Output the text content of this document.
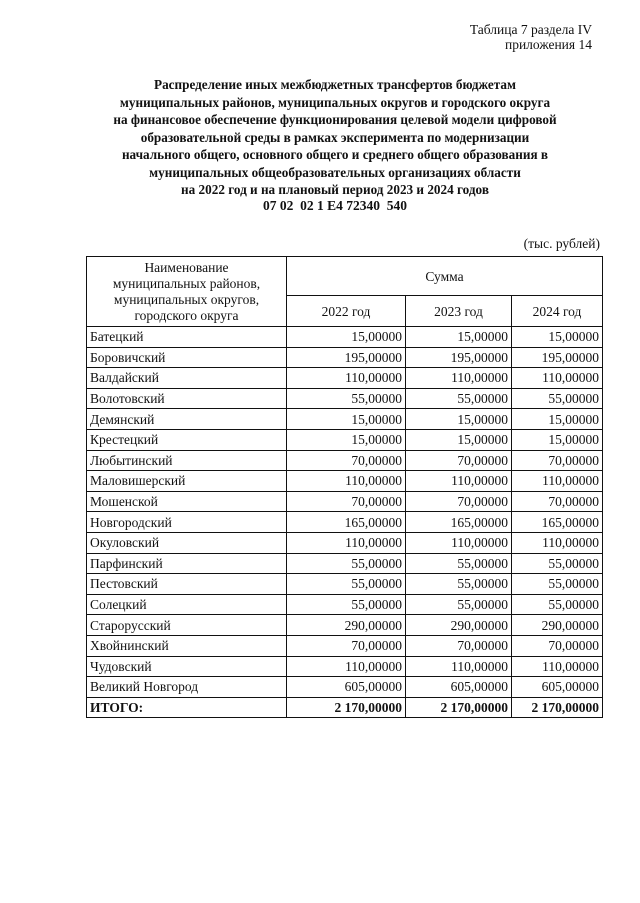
Таблица 7 раздела IV
приложения 14
Распределение иных межбюджетных трансфертов бюджетам
муниципальных районов, муниципальных округов и городского округа
на финансовое обеспечение функционирования целевой модели цифровой
образовательной среды в рамках эксперимента по модернизации
начального общего, основного общего и среднего общего образования в
муниципальных общеобразовательных организациях области
на 2022 год и на плановый период 2023 и 2024 годов
07 02  02 1 E4 72340  540
(тыс. рублей)
Наименование
муниципальных районов,
муниципальных округов,
городского округа	Сумма		
	2022 год	2023 год	2024 год
Батецкий	15,00000	15,00000	15,00000
Боровичский	195,00000	195,00000	195,00000
Валдайский	110,00000	110,00000	110,00000
Волотовский	55,00000	55,00000	55,00000
Демянский	15,00000	15,00000	15,00000
Крестецкий	15,00000	15,00000	15,00000
Любытинский	70,00000	70,00000	70,00000
Маловишерский	110,00000	110,00000	110,00000
Мошенской	70,00000	70,00000	70,00000
Новгородский	165,00000	165,00000	165,00000
Окуловский	110,00000	110,00000	110,00000
Парфинский	55,00000	55,00000	55,00000
Пестовский	55,00000	55,00000	55,00000
Солецкий	55,00000	55,00000	55,00000
Старорусский	290,00000	290,00000	290,00000
Хвойнинский	70,00000	70,00000	70,00000
Чудовский	110,00000	110,00000	110,00000
Великий Новгород	605,00000	605,00000	605,00000
ИТОГО:	2 170,00000	2 170,00000	2 170,00000
